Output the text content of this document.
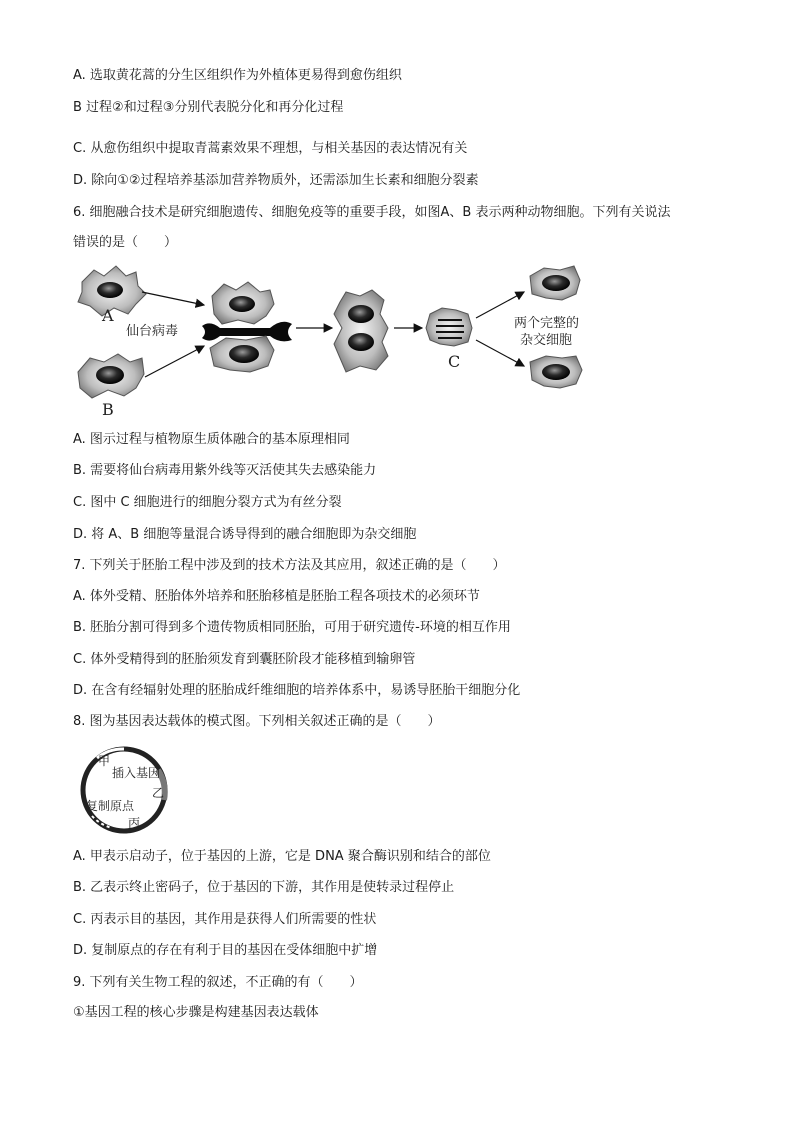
A. 选取黄花蒿的分生区组织作为外植体更易得到愈伤组织
B 过程②和过程③分别代表脱分化和再分化过程
C. 从愈伤组织中提取青蒿素效果不理想，与相关基因的表达情况有关
D. 除向①②过程培养基添加营养物质外，还需添加生长素和细胞分裂素
6. 细胞融合技术是研究细胞遗传、细胞免疫等的重要手段，如图A、B 表示两种动物细胞。下列有关说法
错误的是（　　）
A
B
仙台病毒
C
两个完整的
杂交细胞
A. 图示过程与植物原生质体融合的基本原理相同
B. 需要将仙台病毒用紫外线等灭活使其失去感染能力
C. 图中 C 细胞进行的细胞分裂方式为有丝分裂
D. 将 A、B 细胞等量混合诱导得到的融合细胞即为杂交细胞
7. 下列关于胚胎工程中涉及到的技术方法及其应用，叙述正确的是（　　）
A. 体外受精、胚胎体外培养和胚胎移植是胚胎工程各项技术的必须环节
B. 胚胎分割可得到多个遗传物质相同胚胎，可用于研究遗传-环境的相互作用
C. 体外受精得到的胚胎须发育到囊胚阶段才能移植到输卵管
D. 在含有经辐射处理的胚胎成纤维细胞的培养体系中，易诱导胚胎干细胞分化
8. 图为基因表达载体的模式图。下列相关叙述正确的是（　　）
甲
插入基因
乙
复制原点
丙
A. 甲表示启动子，位于基因的上游，它是 DNA 聚合酶识别和结合的部位
B. 乙表示终止密码子，位于基因的下游，其作用是使转录过程停止
C. 丙表示目的基因，其作用是获得人们所需要的性状
D. 复制原点的存在有利于目的基因在受体细胞中扩增
9. 下列有关生物工程的叙述，不正确的有（　　）
①基因工程的核心步骤是构建基因表达载体
